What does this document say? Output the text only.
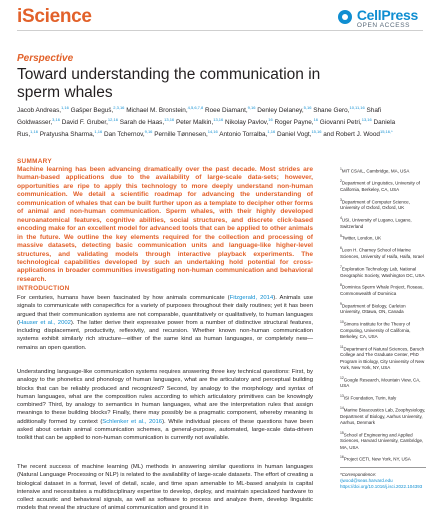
iScience	CellPress
OPEN ACCESS
Perspective
Toward understanding the communication in sperm whales
Jacob Andreas,$^{1,16}$ Gašper Beguš,$^{2,3,16}$ Michael M. Bronstein,$^{4,5,6,7,8}$ Roee Diamant,$^{9,16}$ Denley Delaney,$^{5,16}$ Shane Gero,$^{10,11,16}$ Shafi Goldwasser,$^{3,16}$ David F. Gruber,$^{12,16}$ Sarah de Haas,$^{13,16}$ Peter Malkin,$^{13,16}$ Nikolay Pavlov,$^{16}$ Roger Payne,$^{16}$ Giovanni Petri,$^{13,16}$ Daniela Rus,$^{1,16}$ Pratyusha Sharma,$^{1,16}$ Dan Tchernov,$^{9,16}$ Pernille Tønnesen,$^{14,16}$ Antonio Torralba,$^{1,16}$ Daniel Vogt,$^{15,16}$ and Robert J. Wood$^{15,16,*}$
SUMMARY

Machine learning has been advancing dramatically over the past decade. Most strides are human-based applications due to the availability of large-scale data-sets; however, opportunities are ripe to apply this technology to more deeply understand non-human communication. We detail a scientific roadmap for advancing the understanding of communication of whales that can be built further upon as a template to decipher other forms of animal and non-human communication. Sperm whales, with their highly developed neuroanatomical features, cognitive abilities, social structures, and discrete click-based encoding make for an excellent model for advanced tools that can be applied to other animals in the future. We outline the key elements required for the collection and processing of massive datasets, detecting basic communication units and language-like higher-level structures, and validating models through interactive playback experiments. The technological capabilities developed by such an undertaking hold potential for cross-applications in broader communities investigating non-human communication and behavioral research.

INTRODUCTION

For centuries, humans have been fascinated by how animals communicate (Fitzgerald, 2014). Animals use signals to communicate with conspecifics for a variety of purposes throughout their daily routines; yet it has been argued that their communication systems are not comparable, quantitatively or qualitatively, to human languages (Hauser et al., 2002). The latter derive their expressive power from a number of distinctive structural features, including displacement, productivity, reflexivity, and recursion. Whether known non-human communication systems exhibit similarly rich structure—either of the same kind as human languages, or completely new—remains an open question.

Understanding language-like communication systems requires answering three key technical questions: First, by analogy to the phonetics and phonology of human languages, what are the articulatory and perceptual building blocks that can be reliably produced and recognized? Second, by analogy to the morphology and syntax of human languages, what are the composition rules according to which articulatory primitives can be knowingly combined? Third, by analogy to semantics in human languages, what are the interpretation rules that assign meanings to these building blocks? Finally, there may possibly be a pragmatic component, whereby meaning is additionally formed by context (Schlenker et al., 2016). While individual pieces of these questions have been asked about certain animal communication schemes, a general-purpose, automated, large-scale data-driven toolkit that can be applied to non-human communication is currently not available.

The recent success of machine learning (ML) methods in answering similar questions in human languages (Natural Language Processing or NLP) is related to the availability of large-scale datasets. The effort of creating a biological dataset in a format, level of detail, scale, and time span amenable to ML-based analysis is capital intensive and necessitates a multidisciplinary expertise to develop, deploy, and maintain specialized hardware to collect acoustic and behavioral signals, as well as software to process and analyze them, develop linguistic models that reveal the structure of animal communication and ground it in

$^1$MIT CSAIL, Cambridge, MA, USA
$^2$Department of Linguistics, University of California, Berkeley, CA, USA
$^3$Department of Computer Science, University of Oxford, Oxford, UK
$^4$USI, University of Lugano, Lugano, Switzerland
$^5$Twitter, London, UK
$^6$Leon H. Charney School of Marine Sciences, University of Haifa, Haifa, Israel
$^7$Exploration Technology Lab, National Geographic Society, Washington DC, USA
$^8$Dominica Sperm Whale Project, Roseau, Commonwealth of Dominica
$^9$Department of Biology, Carleton University, Ottawa, ON, Canada
$^{10}$Simons Institute for the Theory of Computing, University of California, Berkeley, CA, USA
$^{11}$Department of Natural Sciences, Baruch College and The Graduate Center, PhD Program in Biology, City University of New York, New York, NY, USA
$^{12}$Google Research, Mountain View, CA, USA
$^{13}$ISI Foundation, Turin, Italy
$^{14}$Marine Bioacoustics Lab, Zoophysiology, Department of Biology, Aarhus University, Aarhus, Denmark
$^{15}$School of Engineering and Applied Sciences, Harvard University, Cambridge, MA, USA
$^{16}$Project CETI, New York, NY, USA
*Correspondence:
rjwood@seas.harvard.edu
https://doi.org/10.1016/j.isci.2022.104393
